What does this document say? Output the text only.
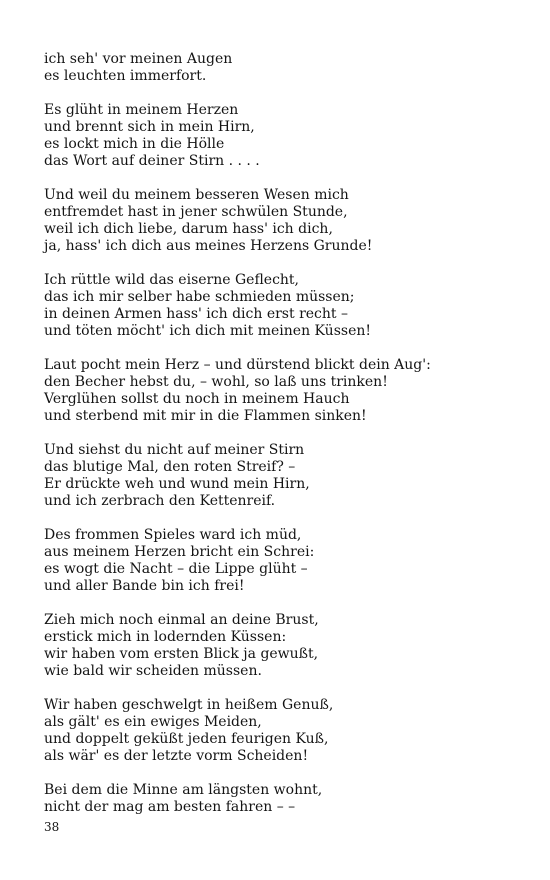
ich seh' vor meinen Augen
es leuchten immerfort.
Es glüht in meinem Herzen
und brennt sich in mein Hirn,
es lockt mich in die Hölle
das Wort auf deiner Stirn . . . .
Und weil du meinem besseren Wesen mich
entfremdet hast in jener schwülen Stunde,
weil ich dich liebe, darum hass' ich dich,
ja, hass' ich dich aus meines Herzens Grunde!
Ich rüttle wild das eiserne Geflecht,
das ich mir selber habe schmieden müssen;
in deinen Armen hass' ich dich erst recht –
und töten möcht' ich dich mit meinen Küssen!
Laut pocht mein Herz – und dürstend blickt dein Aug':
den Becher hebst du, – wohl, so laß uns trinken!
Verglühen sollst du noch in meinem Hauch
und sterbend mit mir in die Flammen sinken!
Und siehst du nicht auf meiner Stirn
das blutige Mal, den roten Streif? –
Er drückte weh und wund mein Hirn,
und ich zerbrach den Kettenreif.
Des frommen Spieles ward ich müd,
aus meinem Herzen bricht ein Schrei:
es wogt die Nacht – die Lippe glüht –
und aller Bande bin ich frei!
Zieh mich noch einmal an deine Brust,
erstick mich in lodernden Küssen:
wir haben vom ersten Blick ja gewußt,
wie bald wir scheiden müssen.
Wir haben geschwelgt in heißem Genuß,
als gält' es ein ewiges Meiden,
und doppelt geküßt jeden feurigen Kuß,
als wär' es der letzte vorm Scheiden!
Bei dem die Minne am längsten wohnt,
nicht der mag am besten fahren – –
38
